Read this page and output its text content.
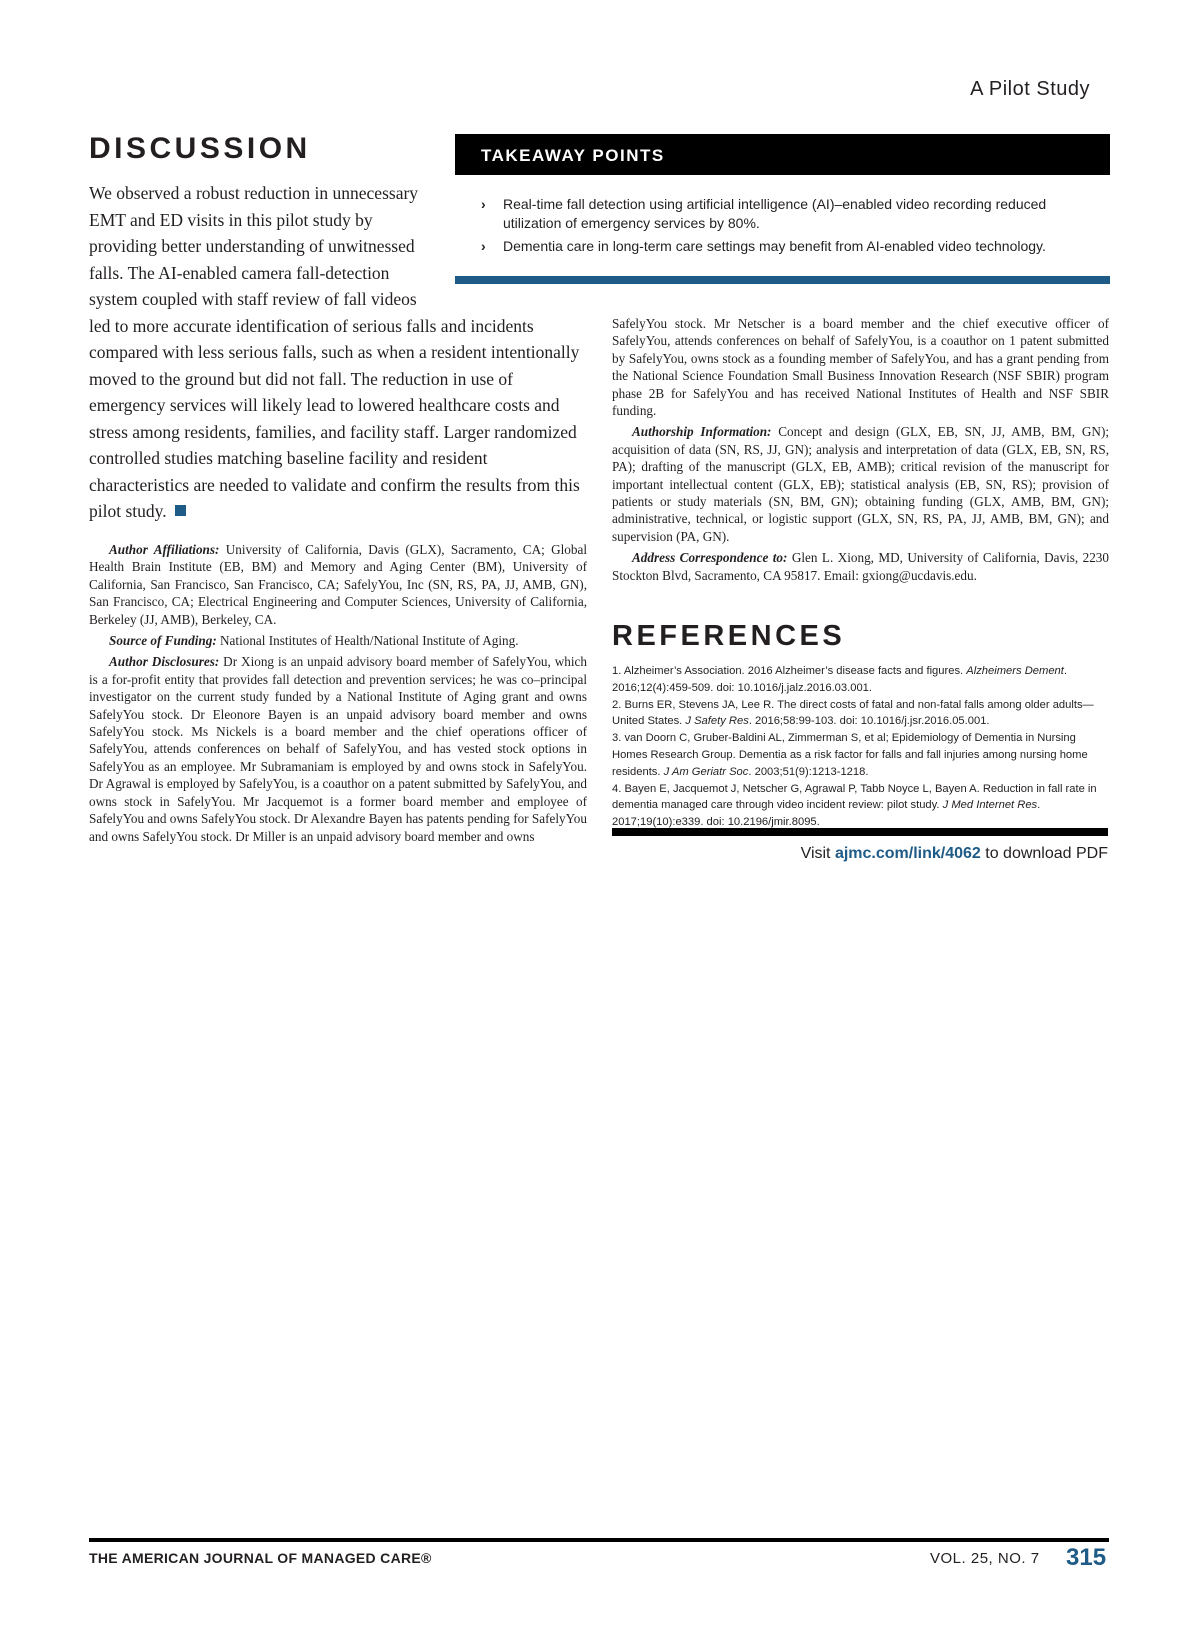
A Pilot Study
DISCUSSION	TAKEAWAY POINTS
› Real-time fall detection using artificial intelligence (AI)–enabled video recording reduced utilization of emergency services by 80%.
› Dementia care in long-term care settings may benefit from AI-enabled video technology.
We observed a robust reduction in unnecessary EMT and ED visits in this pilot study by providing better understanding of unwitnessed falls. The AI-enabled camera fall-detection system coupled with staff review of fall videos led to more accurate identification of serious falls and incidents compared with less serious falls, such as when a resident intentionally moved to the ground but did not fall. The reduction in use of emergency services will likely lead to lowered healthcare costs and stress among residents, families, and facility staff. Larger randomized controlled studies matching baseline facility and resident characteristics are needed to validate and confirm the results from this pilot study.

Author Affiliations: University of California, Davis (GLX), Sacramento, CA; Global Health Brain Institute (EB, BM) and Memory and Aging Center (BM), University of California, San Francisco, San Francisco, CA; SafelyYou, Inc (SN, RS, PA, JJ, AMB, GN), San Francisco, CA; Electrical Engineering and Computer Sciences, University of California, Berkeley (JJ, AMB), Berkeley, CA.

Source of Funding: National Institutes of Health/National Institute of Aging.

Author Disclosures: Dr Xiong is an unpaid advisory board member of SafelyYou, which is a for-profit entity that provides fall detection and prevention services; he was co–principal investigator on the current study funded by a National Institute of Aging grant and owns SafelyYou stock. Dr Eleonore Bayen is an unpaid advisory board member and owns SafelyYou stock. Ms Nickels is a board member and the chief operations officer of SafelyYou, attends conferences on behalf of SafelyYou, and has vested stock options in SafelyYou as an employee. Mr Subramaniam is employed by and owns stock in SafelyYou. Dr Agrawal is employed by SafelyYou, is a coauthor on a patent submitted by SafelyYou, and owns stock in SafelyYou. Mr Jacquemot is a former board member and employee of SafelyYou and owns SafelyYou stock. Dr Alexandre Bayen has patents pending for SafelyYou and owns SafelyYou stock. Dr Miller is an unpaid advisory board member and owns

SafelyYou stock. Mr Netscher is a board member and the chief executive officer of SafelyYou, attends conferences on behalf of SafelyYou, is a coauthor on 1 patent submitted by SafelyYou, owns stock as a founding member of SafelyYou, and has a grant pending from the National Science Foundation Small Business Innovation Research (NSF SBIR) program phase 2B for SafelyYou and has received National Institutes of Health and NSF SBIR funding.

Authorship Information: Concept and design (GLX, EB, SN, JJ, AMB, BM, GN); acquisition of data (SN, RS, JJ, GN); analysis and interpretation of data (GLX, EB, SN, RS, PA); drafting of the manuscript (GLX, EB, AMB); critical revision of the manuscript for important intellectual content (GLX, EB); statistical analysis (EB, SN, RS); provision of patients or study materials (SN, BM, GN); obtaining funding (GLX, AMB, BM, GN); administrative, technical, or logistic support (GLX, SN, RS, PA, JJ, AMB, BM, GN); and supervision (PA, GN).

Address Correspondence to: Glen L. Xiong, MD, University of California, Davis, 2230 Stockton Blvd, Sacramento, CA 95817. Email: gxiong@ucdavis.edu.

REFERENCES
1. Alzheimer’s Association. 2016 Alzheimer’s disease facts and figures. Alzheimers Dement. 2016;12(4):459-509. doi: 10.1016/j.jalz.2016.03.001.
2. Burns ER, Stevens JA, Lee R. The direct costs of fatal and non-fatal falls among older adults—United States. J Safety Res. 2016;58:99-103. doi: 10.1016/j.jsr.2016.05.001.
3. van Doorn C, Gruber-Baldini AL, Zimmerman S, et al; Epidemiology of Dementia in Nursing Homes Research Group. Dementia as a risk factor for falls and fall injuries among nursing home residents. J Am Geriatr Soc. 2003;51(9):1213-1218.
4. Bayen E, Jacquemot J, Netscher G, Agrawal P, Tabb Noyce L, Bayen A. Reduction in fall rate in dementia managed care through video incident review: pilot study. J Med Internet Res. 2017;19(10):e339. doi: 10.2196/jmir.8095.
Visit ajmc.com/link/4062 to download PDF
THE AMERICAN JOURNAL OF MANAGED CARE®	VOL. 25, NO. 7 315
